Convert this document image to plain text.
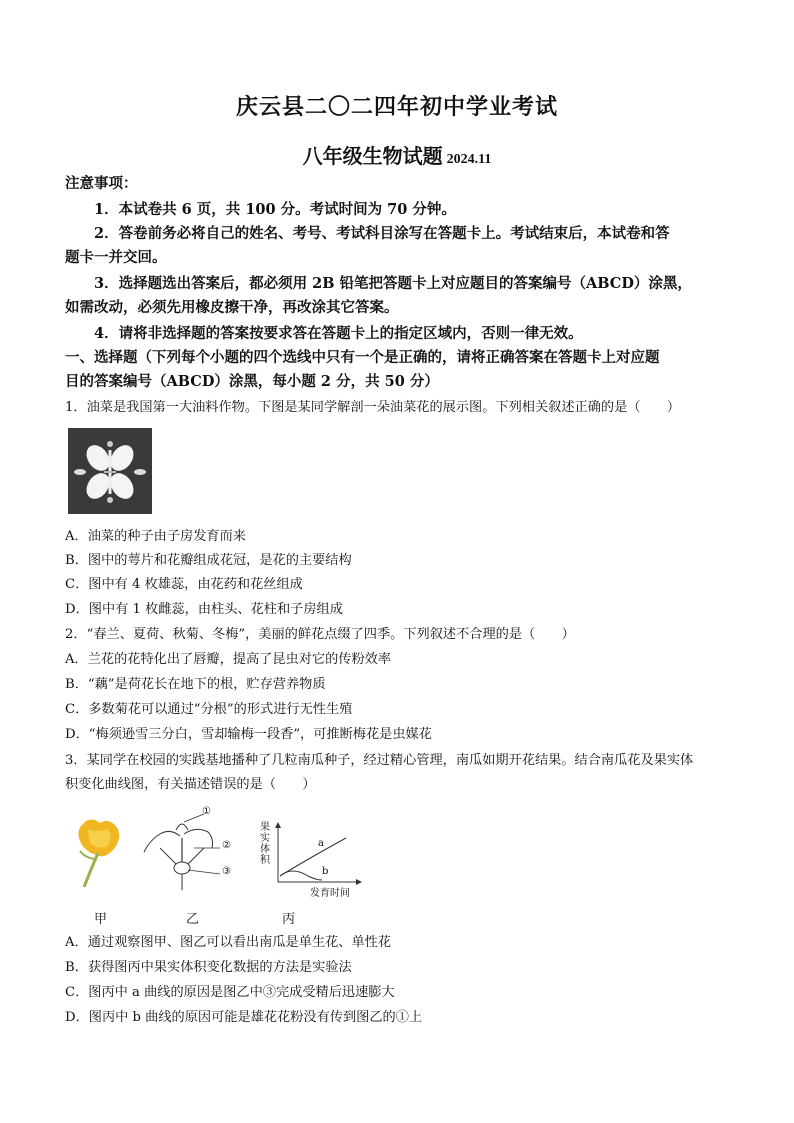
庆云县二〇二四年初中学业考试
八年级生物试题 2024.11
注意事项：
1．本试卷共 6 页，共 100 分。考试时间为 70 分钟。
2．答卷前务必将自己的姓名、考号、考试科目涂写在答题卡上。考试结束后，本试卷和答
题卡一并交回。
3．选择题选出答案后，都必须用 2B 铅笔把答题卡上对应题目的答案编号（ABCD）涂黑，
如需改动，必须先用橡皮擦干净，再改涂其它答案。
4．请将非选择题的答案按要求答在答题卡上的指定区域内，否则一律无效。
一、选择题（下列每个小题的四个选线中只有一个是正确的，请将正确答案在答题卡上对应题
目的答案编号（ABCD）涂黑，每小题 2 分，共 50 分）
1．油菜是我国第一大油料作物。下图是某同学解剖一朵油菜花的展示图。下列相关叙述正确的是（　　）
A．油菜的种子由子房发育而来
B．图中的萼片和花瓣组成花冠，是花的主要结构
C．图中有 4 枚雄蕊，由花药和花丝组成
D．图中有 1 枚雌蕊，由柱头、花柱和子房组成
2．“春兰、夏荷、秋菊、冬梅”，美丽的鲜花点缀了四季。下列叙述不合理的是（　　）
A．兰花的花特化出了唇瓣，提高了昆虫对它的传粉效率
B．“藕”是荷花长在地下的根，贮存营养物质
C．多数菊花可以通过“分根”的形式进行无性生殖
D．“梅须逊雪三分白，雪却输梅一段香”，可推断梅花是虫媒花
3．某同学在校园的实践基地播种了几粒南瓜种子，经过精心管理，南瓜如期开花结果。结合南瓜花及果实体
积变化曲线图，有关描述错误的是（　　）
①
②
③
果
实
体
积
a
b
发育时间
甲	乙	丙
A．通过观察图甲、图乙可以看出南瓜是单生花、单性花
B．获得图丙中果实体积变化数据的方法是实验法
C．图丙中 a 曲线的原因是图乙中③完成受精后迅速膨大
D．图丙中 b 曲线的原因可能是雄花花粉没有传到图乙的①上
